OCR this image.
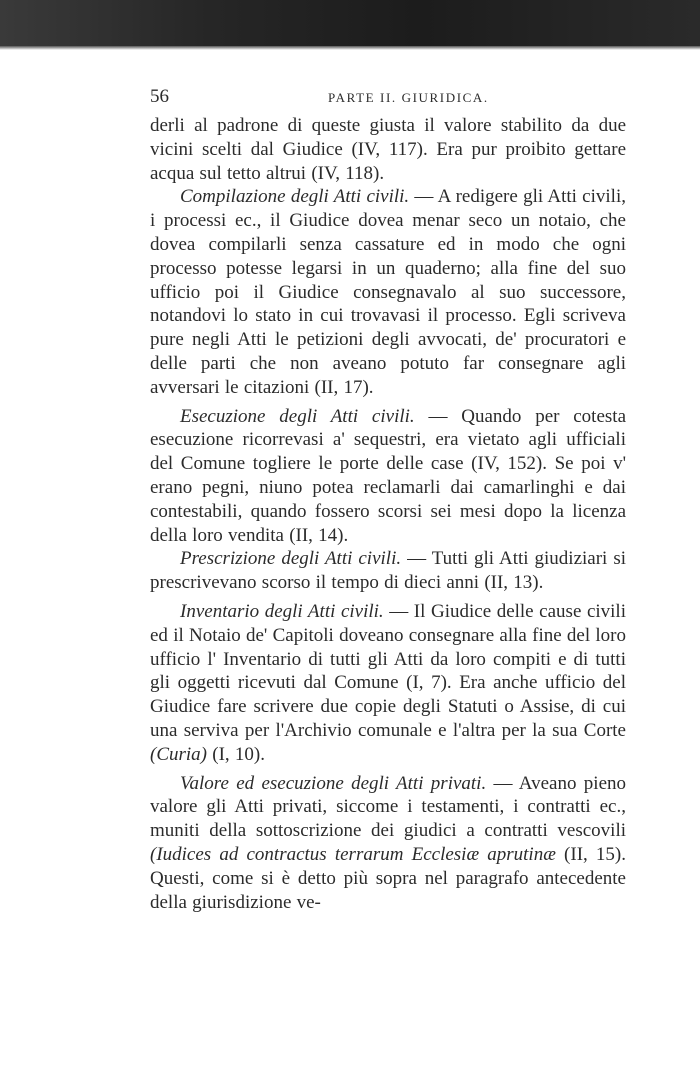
56	PARTE II. GIURIDICA.

derli al padrone di queste giusta il valore stabilito da due vicini scelti dal Giudice (IV, 117). Era pur proibito gettare acqua sul tetto altrui (IV, 118).

Compilazione degli Atti civili. — A redigere gli Atti civili, i processi ec., il Giudice dovea menar seco un notaio, che dovea compilarli senza cassature ed in modo che ogni processo potesse legarsi in un quaderno; alla fine del suo ufficio poi il Giudice consegnavalo al suo successore, notandovi lo stato in cui trovavasi il processo. Egli scriveva pure negli Atti le petizioni degli avvocati, de' procuratori e delle parti che non aveano potuto far consegnare agli avversari le citazioni (II, 17).

Esecuzione degli Atti civili. — Quando per cotesta esecuzione ricorrevasi a' sequestri, era vietato agli ufficiali del Comune togliere le porte delle case (IV, 152). Se poi v' erano pegni, niuno potea reclamarli dai camarlinghi e dai contestabili, quando fossero scorsi sei mesi dopo la licenza della loro vendita (II, 14).

Prescrizione degli Atti civili. — Tutti gli Atti giudiziari si prescrivevano scorso il tempo di dieci anni (II, 13).

Inventario degli Atti civili. — Il Giudice delle cause civili ed il Notaio de' Capitoli doveano consegnare alla fine del loro ufficio l' Inventario di tutti gli Atti da loro compiti e di tutti gli oggetti ricevuti dal Comune (I, 7). Era anche ufficio del Giudice fare scrivere due copie degli Statuti o Assise, di cui una serviva per l'Archivio comunale e l'altra per la sua Corte (Curia) (I, 10).

Valore ed esecuzione degli Atti privati. — Aveano pieno valore gli Atti privati, siccome i testamenti, i contratti ec., muniti della sottoscrizione dei giudici a contratti vescovili (Iudices ad contractus terrarum Ecclesiæ aprutinæ (II, 15). Questi, come si è detto più sopra nel paragrafo antecedente della giurisdizione ve-
